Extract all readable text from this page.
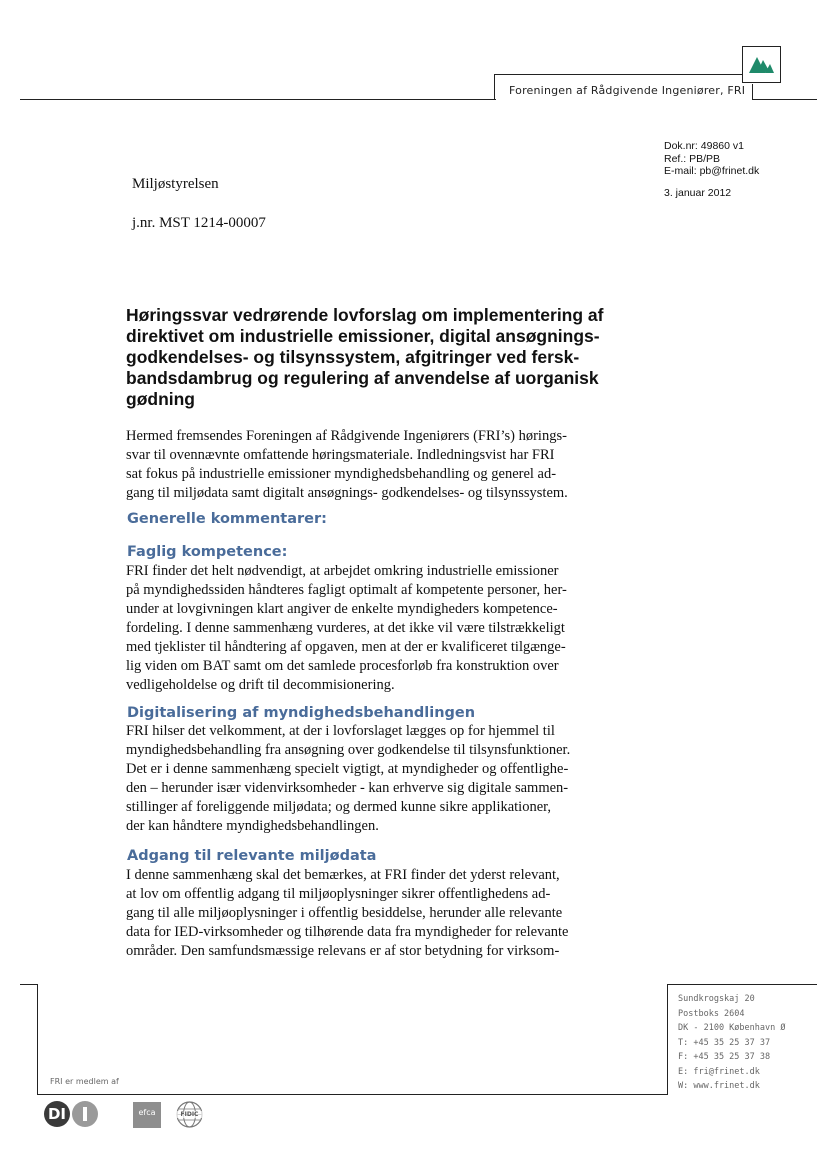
Foreningen af Rådgivende Ingeniører, FRI
Dok.nr: 49860 v1
Ref.: PB/PB
E-mail: pb@frinet.dk
3. januar 2012
Miljøstyrelsen
j.nr. MST 1214-00007

Høringssvar vedrørende lovforslag om implementering af

direktivet om industrielle emissioner, digital ansøgnings-

godkendelses- og tilsynssystem, afgitringer ved fersk-

bandsdambrug og regulering af anvendelse af uorganisk

gødning

Hermed fremsendes Foreningen af Rådgivende Ingeniørers (FRI’s) hørings-

svar til ovennævnte omfattende høringsmateriale. Indledningsvist har FRI

sat fokus på industrielle emissioner myndighedsbehandling og generel ad-

gang til miljødata samt digitalt ansøgnings- godkendelses- og tilsynssystem.

Generelle kommentarer:
Faglig kompetence:

FRI finder det helt nødvendigt, at arbejdet omkring industrielle emissioner

på myndighedssiden håndteres fagligt optimalt af kompetente personer, her-

under at lovgivningen klart angiver de enkelte myndigheders kompetence-

fordeling. I denne sammenhæng vurderes, at det ikke vil være tilstrækkeligt

med tjeklister til håndtering af opgaven, men at der er kvalificeret tilgænge-

lig viden om BAT samt om det samlede procesforløb fra konstruktion over

vedligeholdelse og drift til decommisionering.

Digitalisering af myndighedsbehandlingen

FRI hilser det velkomment, at der i lovforslaget lægges op for hjemmel til

myndighedsbehandling fra ansøgning over godkendelse til tilsynsfunktioner.

Det er i denne sammenhæng specielt vigtigt, at myndigheder og offentlighe-

den – herunder især videnvirksomheder - kan erhverve sig digitale sammen-

stillinger af foreliggende miljødata; og dermed kunne sikre applikationer,

der kan håndtere myndighedsbehandlingen.

Adgang til relevante miljødata

I denne sammenhæng skal det bemærkes, at FRI finder det yderst relevant,

at lov om offentlig adgang til miljøoplysninger sikrer offentlighedens ad-

gang til alle miljøoplysninger i offentlig besiddelse, herunder alle relevante

data for IED-virksomheder og tilhørende data fra myndigheder for relevante

områder. Den samfundsmæssige relevans er af stor betydning for virksom-

Sundkrogskaj 20
Postboks 2604
DK - 2100 København Ø
T: +45 35 25 37 37
F: +45 35 25 37 38
E: fri@frinet.dk
W: www.frinet.dk
FRI er medlem af
DI	efca	FIDIC
